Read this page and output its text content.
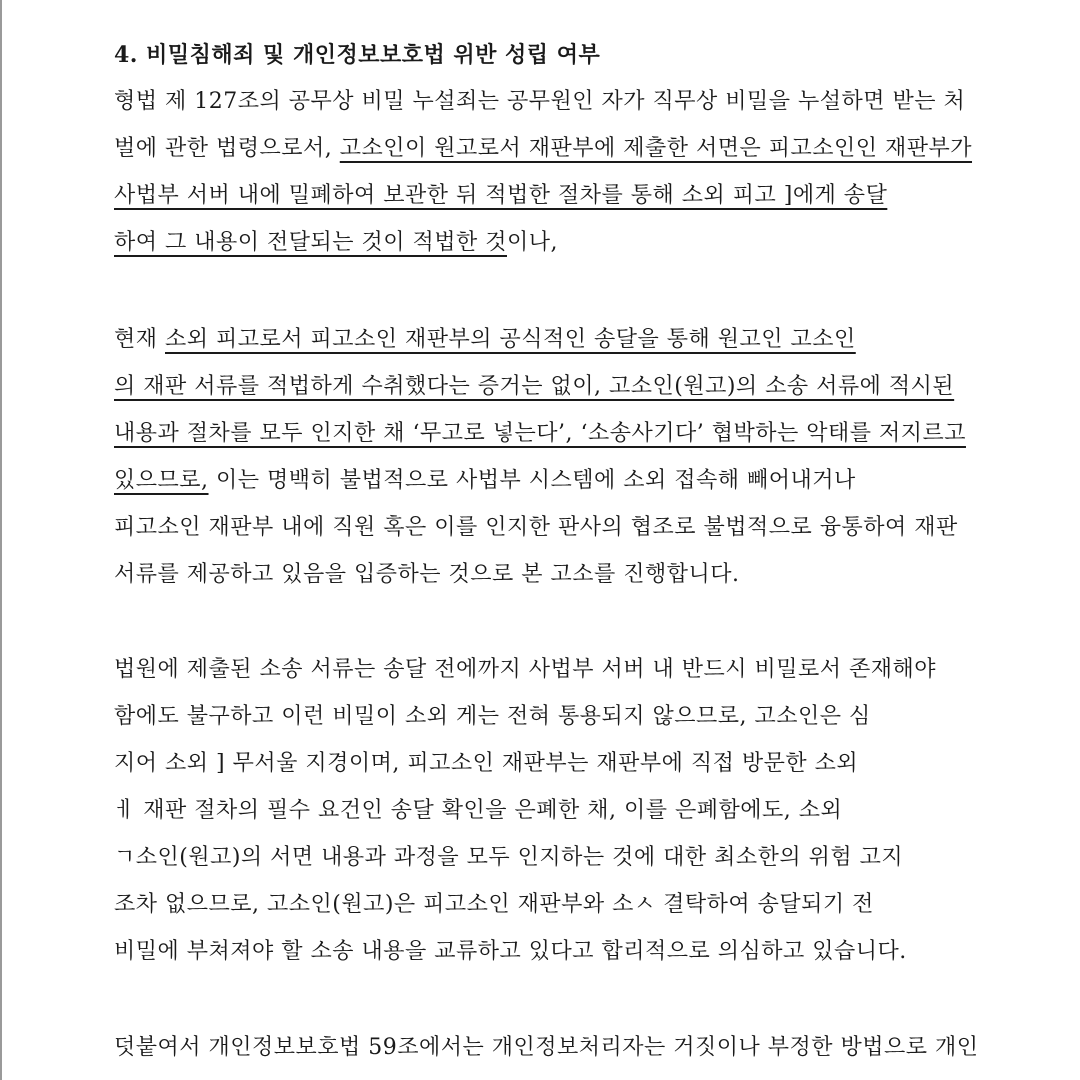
4. 비밀침해죄 및 개인정보보호법 위반 성립 여부
형법 제 127조의 공무상 비밀 누설죄는 공무원인 자가 직무상 비밀을 누설하면 받는 처
벌에 관한 법령으로서, 고소인이 원고로서 재판부에 제출한 서면은 피고소인인 재판부가
사법부 서버 내에 밀폐하여 보관한 뒤 적법한 절차를 통해 소외 피고 ]에게 송달
하여 그 내용이 전달되는 것이 적법한 것이나,
현재 소외 피고로서 피고소인 재판부의 공식적인 송달을 통해 원고인 고소인
의 재판 서류를 적법하게 수취했다는 증거는 없이, 고소인(원고)의 소송 서류에 적시된
내용과 절차를 모두 인지한 채 ‘무고로 넣는다’, ‘소송사기다’ 협박하는 악태를 저지르고
있으므로, 이는 명백히 불법적으로 사법부 시스템에 소외 접속해 빼어내거나
피고소인 재판부 내에 직원 혹은 이를 인지한 판사의 협조로 불법적으로 융통하여 재판
서류를 제공하고 있음을 입증하는 것으로 본 고소를 진행합니다.
법원에 제출된 소송 서류는 송달 전에까지 사법부 서버 내 반드시 비밀로서 존재해야
함에도 불구하고 이런 비밀이 소외 게는 전혀 통용되지 않으므로, 고소인은 심
지어 소외 ] 무서울 지경이며, 피고소인 재판부는 재판부에 직접 방문한 소외
ㅔ 재판 절차의 필수 요건인 송달 확인을 은폐한 채, 이를 은폐함에도, 소외
ㄱ소인(원고)의 서면 내용과 과정을 모두 인지하는 것에 대한 최소한의 위험 고지
조차 없으므로, 고소인(원고)은 피고소인 재판부와 소ㅅ 결탁하여 송달되기 전
비밀에 부쳐져야 할 소송 내용을 교류하고 있다고 합리적으로 의심하고 있습니다.
덧붙여서 개인정보보호법 59조에서는 개인정보처리자는 거짓이나 부정한 방법으로 개인
